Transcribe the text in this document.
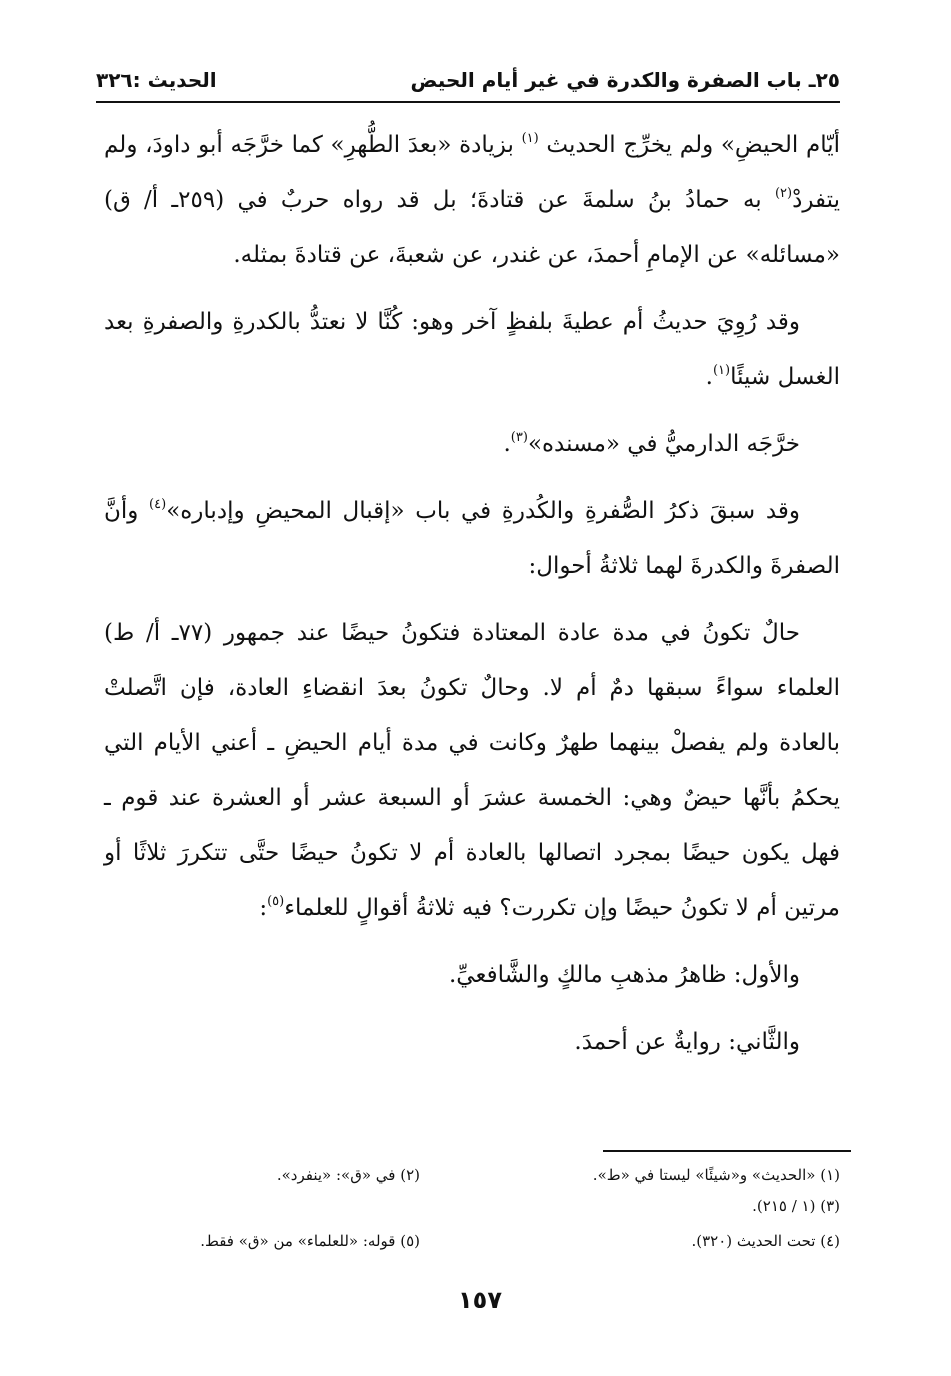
٢٥ـ باب الصفرة والكدرة في غير أيام الحيض
الحديث :٣٢٦

أيّام الحيضِ» ولم يخرِّج الحديث $^{(١)}$ بزيادة «بعدَ الطُّهرِ» كما خرَّجَه أبو داودَ، ولم يتفردْ$^{(٢)}$ به حمادُ بنُ سلمةَ عن قتادةَ؛ بل قد رواه حربٌ في (٢٥٩ـ أ/ ق) «مسائله» عن الإمامِ أحمدَ، عن غندر، عن شعبةَ، عن قتادةَ بمثله.

وقد رُوِيَ حديثُ أم عطيةَ بلفظٍ آخر وهو: كُنَّا لا نعتدُّ بالكدرةِ والصفرةِ بعد الغسل شيئًا$^{(١)}$.

خرَّجَه الدارميُّ في «مسنده»$^{(٣)}$.

وقد سبقَ ذكرُ الصُّفرةِ والكُدرةِ في باب «إقبال المحيضِ وإدباره»$^{(٤)}$ وأنَّ الصفرةَ والكدرةَ لهما ثلاثةُ أحوال:

حالٌ تكونُ في مدة عادة المعتادة فتكونُ حيضًا عند جمهور (٧٧ـ أ/ ط) العلماء سواءً سبقها دمٌ أم لا. وحالٌ تكونُ بعدَ انقضاءِ العادة، فإن اتَّصلتْ بالعادة ولم يفصلْ بينهما طهرٌ وكانت في مدة أيام الحيضِ ـ أعني الأيام التي يحكمُ بأنَّها حيضٌ وهي: الخمسة عشرَ أو السبعة عشر أو العشرة عند قوم ـ فهل يكون حيضًا بمجرد اتصالها بالعادة أم لا تكونُ حيضًا حتَّى تتكررَ ثلاثًا أو مرتين أم لا تكونُ حيضًا وإن تكررت؟ فيه ثلاثةُ أقوالٍ للعلماء$^{(٥)}$:

والأول: ظاهرُ مذهبِ مالكٍ والشَّافعيِّ.

والثَّاني: روايةٌ عن أحمدَ.

(١) «الحديث» و«شيئًا» ليستا في «ط».
(٢) في «ق»: «ينفرد».
(٣) (١ / ٢١٥).
(٤) تحت الحديث (٣٢٠).
(٥) قوله: «للعلماء» من «ق» فقط.
١٥٧
